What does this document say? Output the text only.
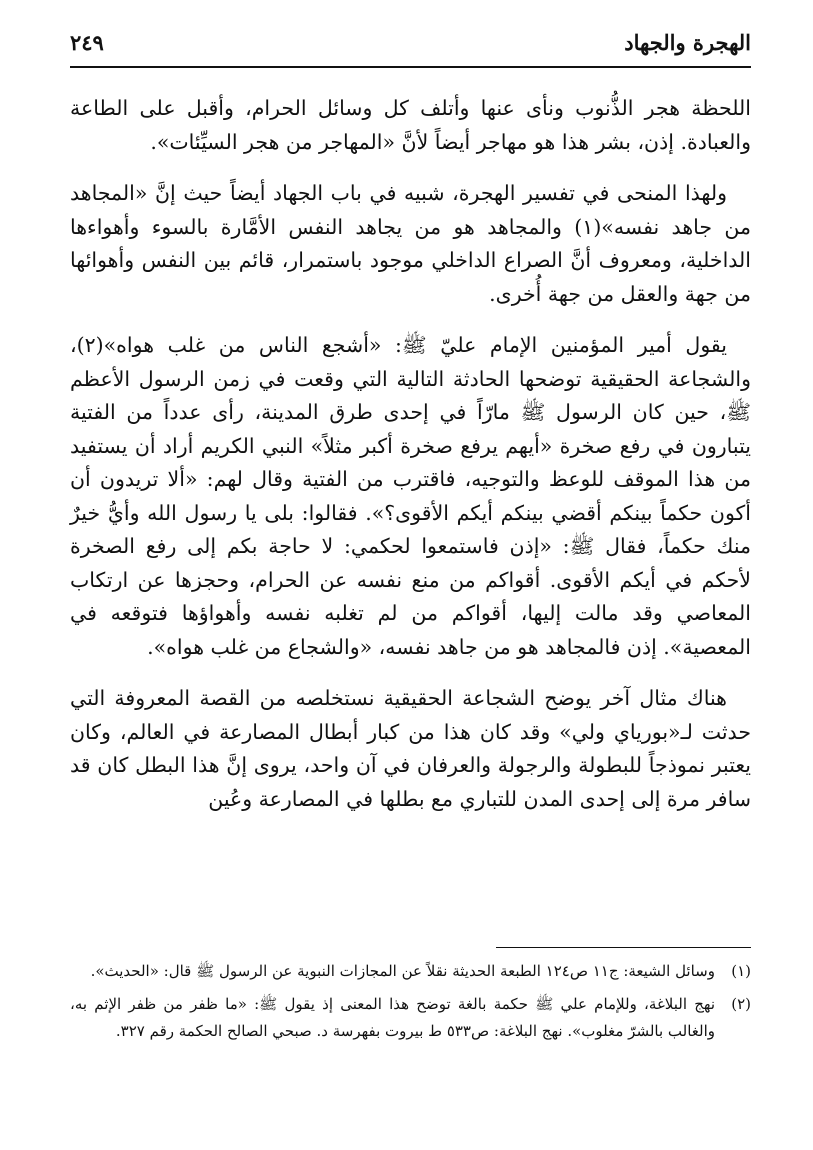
الهجرة والجهاد
٢٤٩

اللحظة هجر الذُّنوب ونأى عنها وأتلف كل وسائل الحرام، وأقبل على الطاعة والعبادة. إذن، بشر هذا هو مهاجر أيضاً لأنَّ «المهاجر من هجر السيِّئات».

ولهذا المنحى في تفسير الهجرة، شبيه في باب الجهاد أيضاً حيث إنَّ «المجاهد من جاهد نفسه»(١) والمجاهد هو من يجاهد النفس الأمَّارة بالسوء وأهواءها الداخلية، ومعروف أنَّ الصراع الداخلي موجود باستمرار، قائم بين النفس وأهوائها من جهة والعقل من جهة أُخرى.

يقول أمير المؤمنين الإمام عليّ ﷺ: «أشجع الناس من غلب هواه»(٢)، والشجاعة الحقيقية توضحها الحادثة التالية التي وقعت في زمن الرسول الأعظم ﷺ، حين كان الرسول ﷺ مارّاً في إحدى طرق المدينة، رأى عدداً من الفتية يتبارون في رفع صخرة «أيهم يرفع صخرة أكبر مثلاً» النبي الكريم أراد أن يستفيد من هذا الموقف للوعظ والتوجيه، فاقترب من الفتية وقال لهم: «ألا تريدون أن أكون حكماً بينكم أقضي بينكم أيكم الأقوى؟». فقالوا: بلى يا رسول الله وأيُّ خيرٌ منك حكماً، فقال ﷺ: «إذن فاستمعوا لحكمي: لا حاجة بكم إلى رفع الصخرة لأحكم في أيكم الأقوى. أقواكم من منع نفسه عن الحرام، وحجزها عن ارتكاب المعاصي وقد مالت إليها، أقواكم من لم تغلبه نفسه وأهواؤها فتوقعه في المعصية». إذن فالمجاهد هو من جاهد نفسه، «والشجاع من غلب هواه».

هناك مثال آخر يوضح الشجاعة الحقيقية نستخلصه من القصة المعروفة التي حدثت لـ«بورياي ولي» وقد كان هذا من كبار أبطال المصارعة في العالم، وكان يعتبر نموذجاً للبطولة والرجولة والعرفان في آن واحد، يروى إنَّ هذا البطل كان قد سافر مرة إلى إحدى المدن للتباري مع بطلها في المصارعة وعُين

(١)وسائل الشيعة: ج١١ ص١٢٤ الطبعة الحديثة نقلاً عن المجازات النبوية عن الرسول ﷺ قال: «الحديث».

(٢)نهج البلاغة، وللإمام علي ﷺ حكمة بالغة توضح هذا المعنى إذ يقول ﷺ: «ما ظفر من ظفر الإثم به، والغالب بالشرّ مغلوب». نهج البلاغة: ص٥٣٣ ط بيروت بفهرسة د. صبحي الصالح الحكمة رقم ٣٢٧.
